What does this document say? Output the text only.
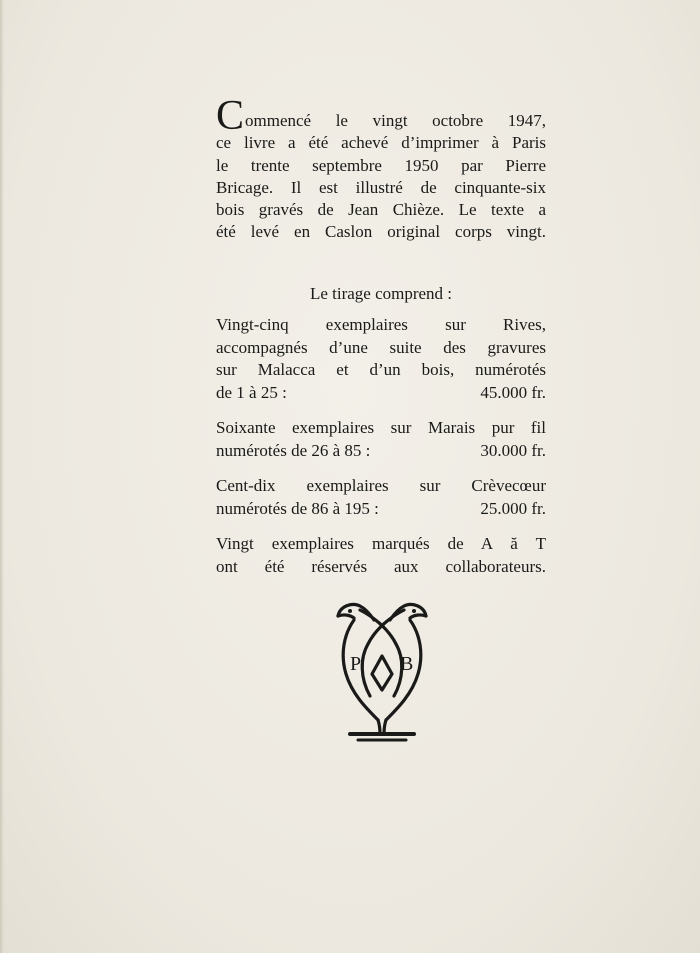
Commencé le vingt octobre 1947,
ce livre a été achevé d’imprimer à Paris
le trente septembre 1950 par Pierre
Bricage. Il est illustré de cinquante-six
bois gravés de Jean Chièze. Le texte a
été levé en Caslon original corps vingt.

Le tirage comprend :

Vingt-cinq exemplaires sur Rives,
accompagnés d’une suite des gravures
sur Malacca et d’un bois, numérotés
de 1 à 25 :	45.000 fr.
Soixante exemplaires sur Marais pur fil
numérotés de 26 à 85 :	30.000 fr.
Cent-dix exemplaires sur Crèvecœur
numérotés de 86 à 195 :	25.000 fr.
Vingt exemplaires marqués de A ă T
ont été réservés aux collaborateurs.
P B
